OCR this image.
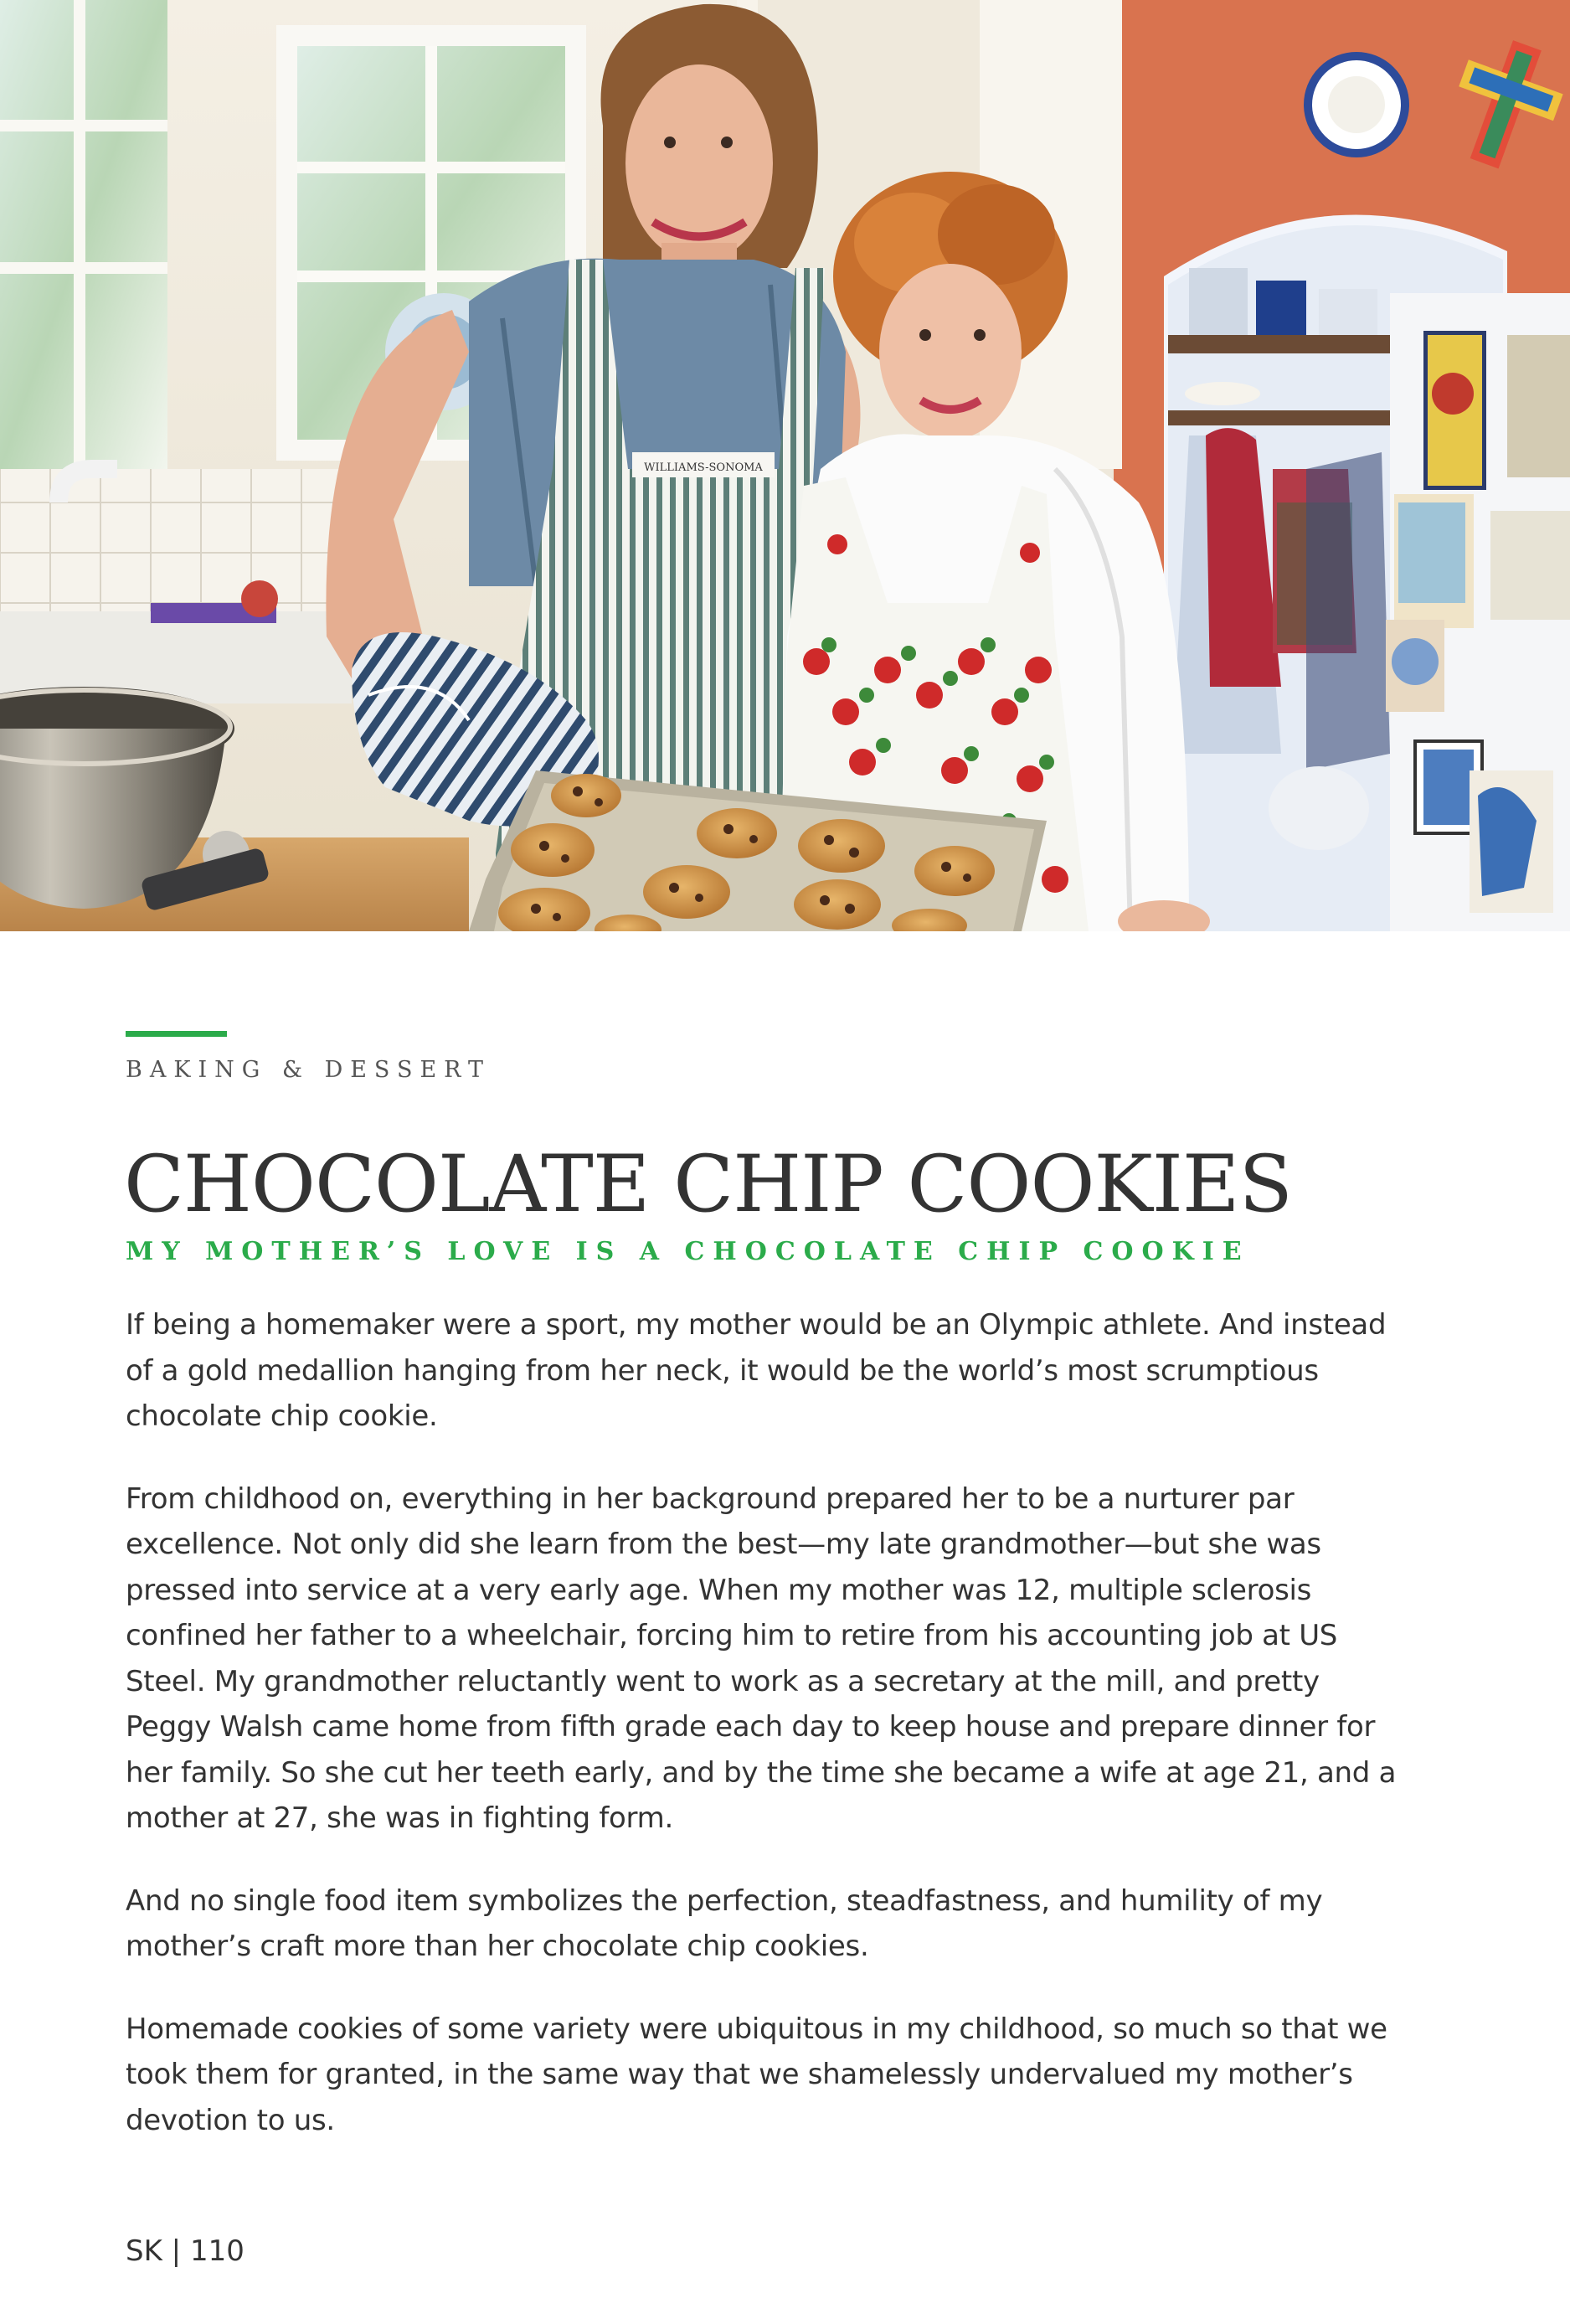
WILLIAMS-SONOMA
BAKING & DESSERT
CHOCOLATE CHIP COOKIES
MY MOTHER’S LOVE IS A CHOCOLATE CHIP COOKIE

If being a homemaker were a sport, my mother would be an Olympic athlete. And instead of a gold medallion hanging from her neck, it would be the world’s most scrumptious chocolate chip cookie.

From childhood on, everything in her background prepared her to be a nurturer par excellence. Not only did she learn from the best—my late grandmother—but she was pressed into service at a very early age. When my mother was 12, multiple sclerosis confined her father to a wheelchair, forcing him to retire from his accounting job at US Steel. My grandmother reluctantly went to work as a secretary at the mill, and pretty Peggy Walsh came home from fifth grade each day to keep house and prepare dinner for her family. So she cut her teeth early, and by the time she became a wife at age 21, and a mother at 27, she was in fighting form.

And no single food item symbolizes the perfection, steadfastness, and humility of my mother’s craft more than her chocolate chip cookies.

Homemade cookies of some variety were ubiquitous in my childhood, so much so that we took them for granted, in the same way that we shamelessly undervalued my mother’s devotion to us.

SK | 110
